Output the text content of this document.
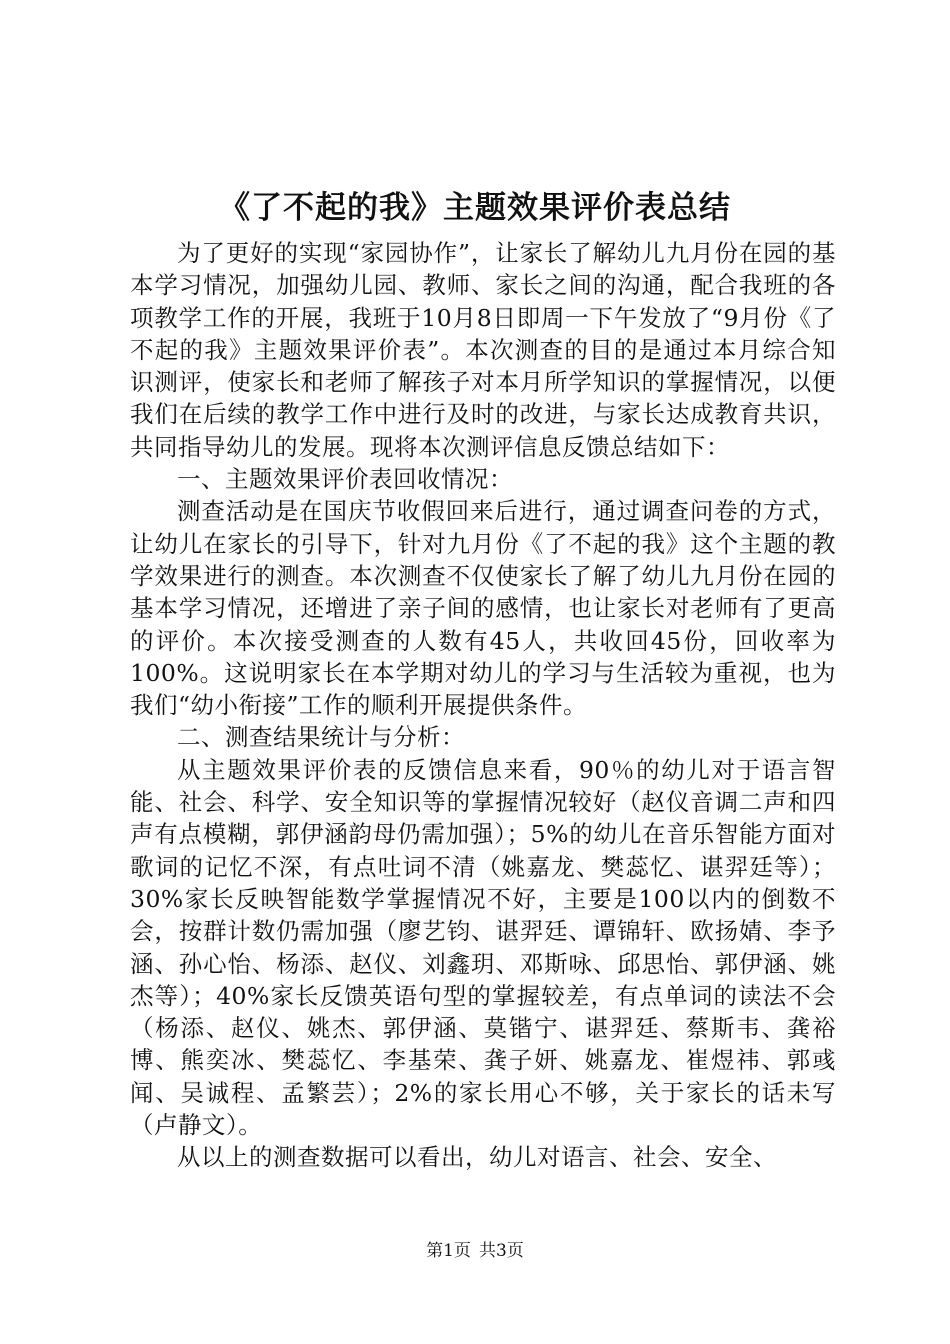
《了不起的我》主题效果评价表总结

为了更好的实现“家园协作”，让家长了解幼儿九月份在园的基本学习情况，加强幼儿园、教师、家长之间的沟通，配合我班的各项教学工作的开展，我班于10月8日即周一下午发放了“9月份《了不起的我》主题效果评价表”。本次测查的目的是通过本月综合知识测评，使家长和老师了解孩子对本月所学知识的掌握情况，以便我们在后续的教学工作中进行及时的改进，与家长达成教育共识，共同指导幼儿的发展。现将本次测评信息反馈总结如下：

一、主题效果评价表回收情况：

测查活动是在国庆节收假回来后进行，通过调查问卷的方式，让幼儿在家长的引导下，针对九月份《了不起的我》这个主题的教学效果进行的测查。本次测查不仅使家长了解了幼儿九月份在园的基本学习情况，还增进了亲子间的感情，也让家长对老师有了更高的评价。本次接受测查的人数有45人，共收回45份，回收率为100%。这说明家长在本学期对幼儿的学习与生活较为重视，也为我们“幼小衔接”工作的顺利开展提供条件。

二、测查结果统计与分析：

从主题效果评价表的反馈信息来看，90％的幼儿对于语言智能、社会、科学、安全知识等的掌握情况较好（赵仪音调二声和四声有点模糊，郭伊涵韵母仍需加强）；5%的幼儿在音乐智能方面对歌词的记忆不深，有点吐词不清（姚嘉龙、樊蕊忆、谌羿廷等）；30%家长反映智能数学掌握情况不好，主要是100以内的倒数不会，按群计数仍需加强（廖艺钧、谌羿廷、谭锦轩、欧扬婧、李予涵、孙心怡、杨添、赵仪、刘鑫玥、邓斯咏、邱思怡、郭伊涵、姚杰等）；40%家长反馈英语句型的掌握较差，有点单词的读法不会（杨添、赵仪、姚杰、郭伊涵、莫锴宁、谌羿廷、蔡斯韦、龚裕博、熊奕冰、樊蕊忆、李基荣、龚子妍、姚嘉龙、崔煜祎、郭彧闻、吴诚程、孟繁芸）；2%的家长用心不够，关于家长的话未写（卢静文）。

从以上的测查数据可以看出，幼儿对语言、社会、安全、

第1页 共3页
